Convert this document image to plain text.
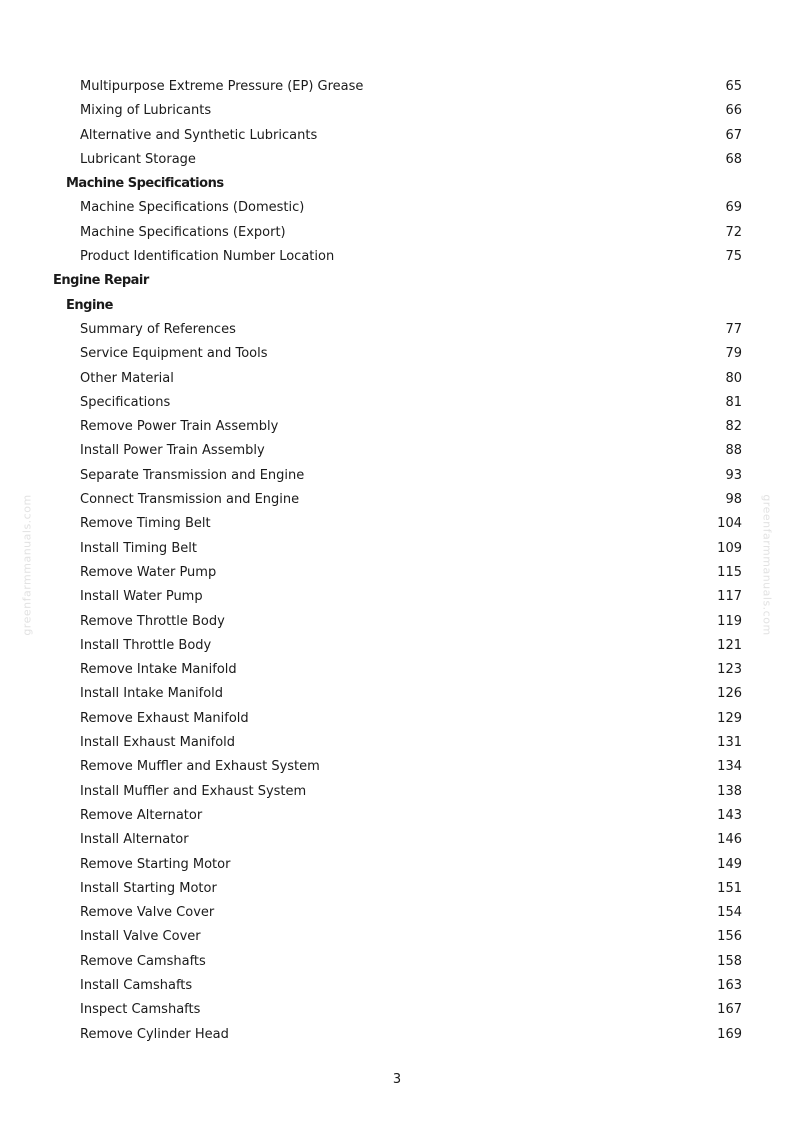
greenfarmmanuals.com	greenfarmmanuals.com
Multipurpose Extreme Pressure (EP) Grease	65
Mixing of Lubricants	66
Alternative and Synthetic Lubricants	67
Lubricant Storage	68
Machine Specifications
Machine Specifications (Domestic)	69
Machine Specifications (Export)	72
Product Identification Number Location	75
Engine Repair
Engine
Summary of References	77
Service Equipment and Tools	79
Other Material	80
Specifications	81
Remove Power Train Assembly	82
Install Power Train Assembly	88
Separate Transmission and Engine	93
Connect Transmission and Engine	98
Remove Timing Belt	104
Install Timing Belt	109
Remove Water Pump	115
Install Water Pump	117
Remove Throttle Body	119
Install Throttle Body	121
Remove Intake Manifold	123
Install Intake Manifold	126
Remove Exhaust Manifold	129
Install Exhaust Manifold	131
Remove Muffler and Exhaust System	134
Install Muffler and Exhaust System	138
Remove Alternator	143
Install Alternator	146
Remove Starting Motor	149
Install Starting Motor	151
Remove Valve Cover	154
Install Valve Cover	156
Remove Camshafts	158
Install Camshafts	163
Inspect Camshafts	167
Remove Cylinder Head	169
3
